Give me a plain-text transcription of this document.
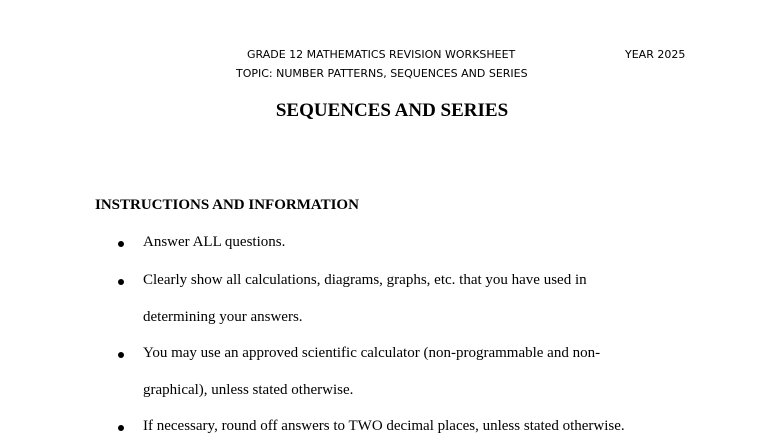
GRADE 12 MATHEMATICS REVISION WORKSHEET
TOPIC: NUMBER PATTERNS, SEQUENCES AND SERIES
YEAR 2025
SEQUENCES AND SERIES
INSTRUCTIONS AND INFORMATION
Answer ALL questions.
Clearly show all calculations, diagrams, graphs, etc. that you have used in
determining your answers.
You may use an approved scientific calculator (non-programmable and non-
graphical), unless stated otherwise.
If necessary, round off answers to TWO decimal places, unless stated otherwise.
